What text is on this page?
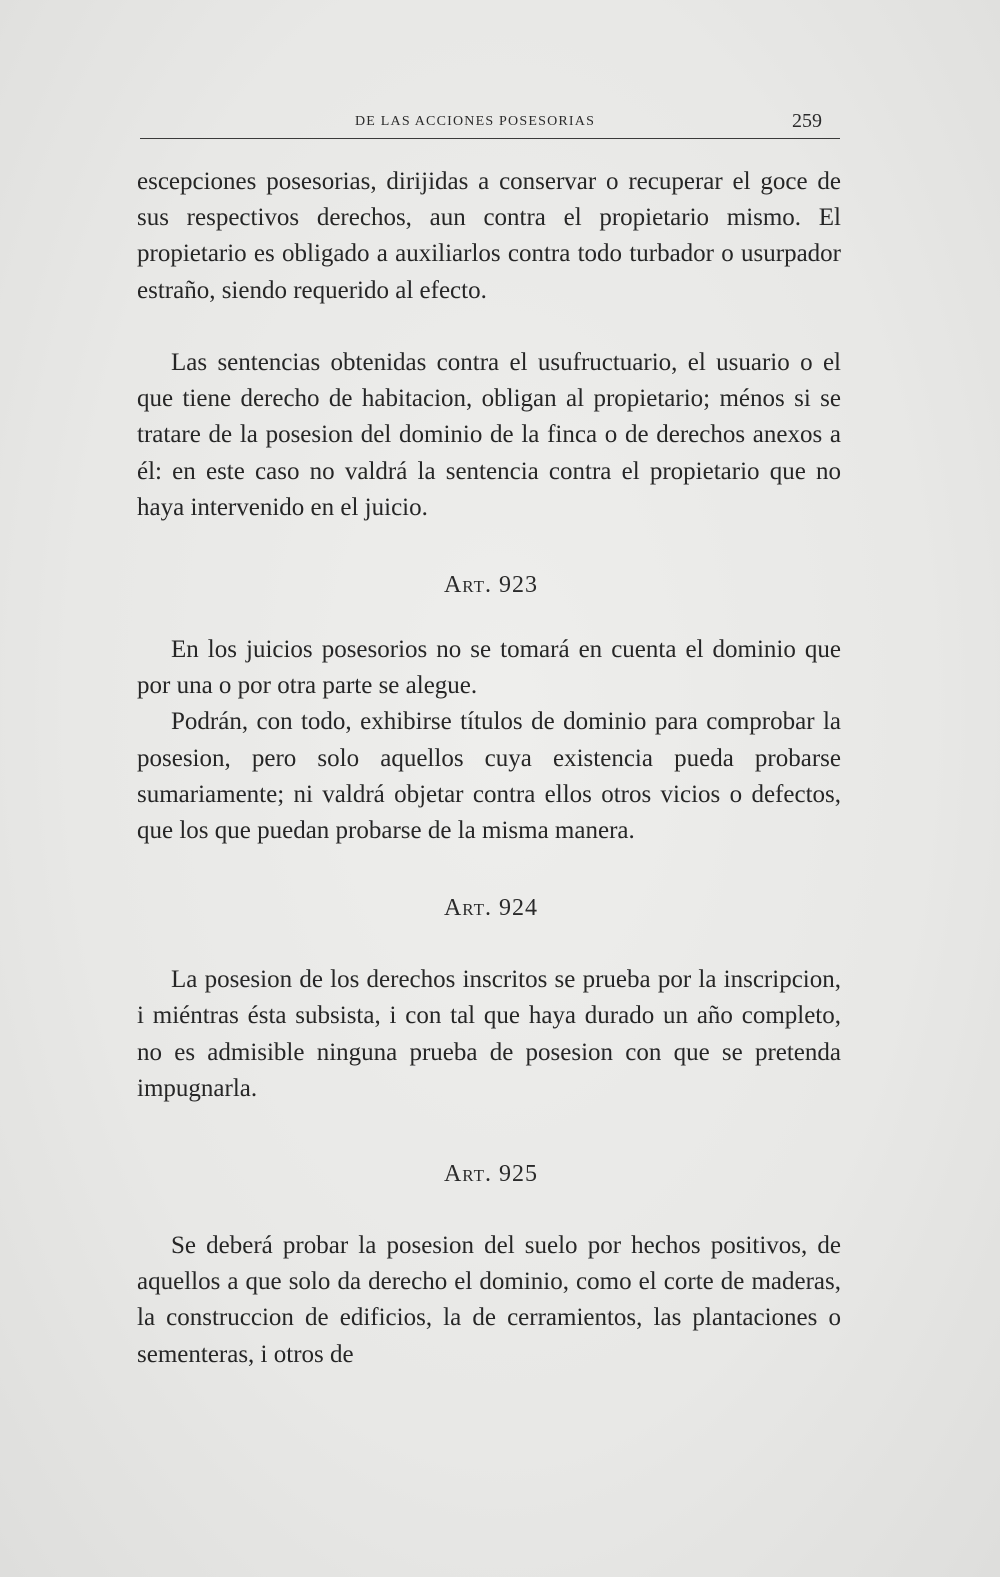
DE LAS ACCIONES POSESORIAS	259

escepciones posesorias, dirijidas a conservar o recuperar el goce de sus respectivos derechos, aun contra el propietario mismo. El propietario es obligado a auxiliarlos contra todo turbador o usurpador estraño, siendo requerido al efecto.

Las sentencias obtenidas contra el usufructuario, el usuario o el que tiene derecho de habitacion, obligan al propietario; ménos si se tratare de la posesion del dominio de la finca o de derechos anexos a él: en este caso no valdrá la sentencia contra el propietario que no haya intervenido en el juicio.

Art. 923

En los juicios posesorios no se tomará en cuenta el dominio que por una o por otra parte se alegue.

Podrán, con todo, exhibirse títulos de dominio para comprobar la posesion, pero solo aquellos cuya existencia pueda probarse sumariamente; ni valdrá objetar contra ellos otros vicios o defectos, que los que puedan probarse de la misma manera.

Art. 924

La posesion de los derechos inscritos se prueba por la inscripcion, i miéntras ésta subsista, i con tal que haya durado un año completo, no es admisible ninguna prueba de posesion con que se pretenda impugnarla.

Art. 925

Se deberá probar la posesion del suelo por hechos positivos, de aquellos a que solo da derecho el dominio, como el corte de maderas, la construccion de edificios, la de cerramientos, las plantaciones o sementeras, i otros de
